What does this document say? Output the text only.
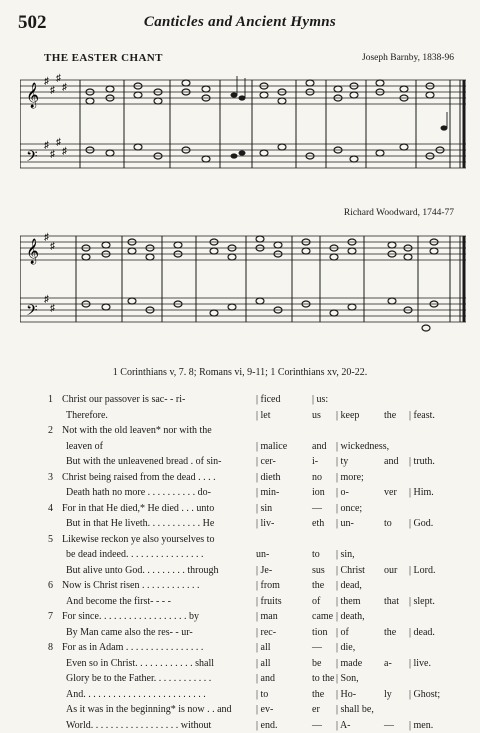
502	Canticles and Ancient Hymns
THE EASTER CHANT	Joseph Barnby, 1838-96
𝄞
𝄢
♯
♯
♯
♯
♯
♯
♯
♯
Richard Woodward, 1744-77
𝄞
𝄢
♯
♯
♯
♯
1 Corinthians v, 7. 8; Romans vi, 9-11; 1 Corinthians xv, 20-22.
1 Christ our passover is sac- - ri-	| ficed	| us:
Therefore.	| let	us | keep the | feast.
2 Not with the old leaven* nor with the
leaven of	| malice and | wickedness,
But with the unleavened bread . of sin-	| cer-	i- | ty	and | truth.
3 Christ being raised from the dead . . . .	| dieth	no | more;
Death hath no more . . . . . . . . . . do-	| min-	ion | o-	ver | Him.
4 For in that He died,* He died . . . unto	| sin	— | once;
But in that He liveth. . . . . . . . . . . He	| liv-	eth | un-	to | God.
5 Likewise reckon ye also yourselves to
be dead indeed. . . . . . . . . . . . . . . .	un-	to | sin,
But alive unto God. . . . . . . . . through	| Je-	sus | Christ our | Lord.
6 Now is Christ risen . . . . . . . . . . . .	| from	the | dead,
And become the first- - - -	| fruits	of | them that | slept.
7 For since. . . . . . . . . . . . . . . . . . by	| man	came | death,
By Man came also the res- - ur-	| rec-	tion | of	the | dead.
8 For as in Adam . . . . . . . . . . . . . . . .	| all	— | die,
Even so in Christ. . . . . . . . . . . . shall	| all	be | made a- | live.
Glory be to the Father. . . . . . . . . . . .	| and	to the | Son,
And. . . . . . . . . . . . . . . . . . . . . . . . .	| to	the | Ho-	ly | Ghost;
As it was in the beginning* is now . . and | ev-	er | shall be,
World. . . . . . . . . . . . . . . . . . without	| end.	— | A-	— | men.
